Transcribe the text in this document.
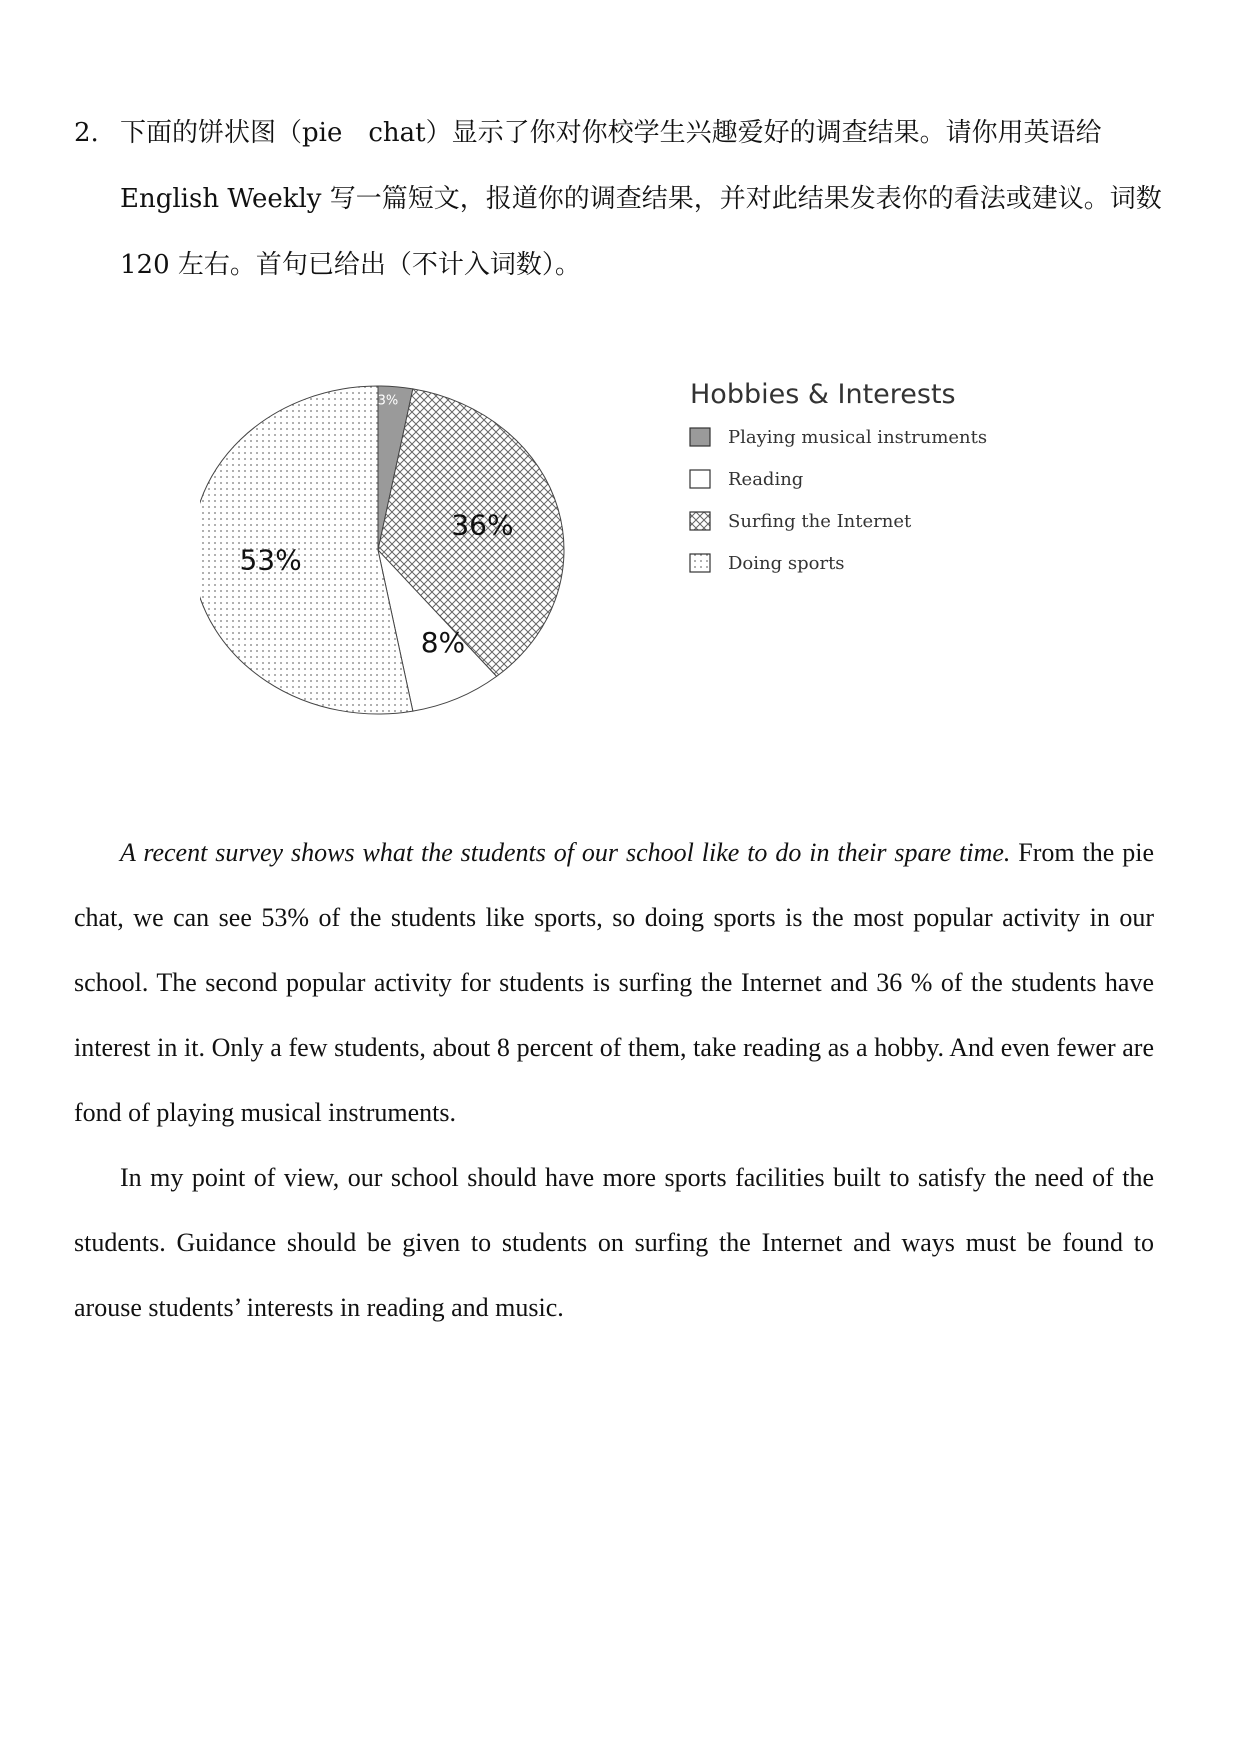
2. 下面的饼状图（pie　chat）显示了你对你校学生兴趣爱好的调查结果。请你用英语给 English Weekly 写一篇短文，报道你的调查结果，并对此结果发表你的看法或建议。词数 120 左右。首句已给出（不计入词数）。
3%
36%
8%
53%
Hobbies & Interests
Playing musical instruments
Reading
Surfing the Internet
Doing sports

A recent survey shows what the students of our school like to do in their spare time. From the pie chat, we can see 53% of the students like sports, so doing sports is the most popular activity in our school. The second popular activity for students is surfing the Internet and 36 % of the students have interest in it. Only a few students, about 8 percent of them, take reading as a hobby. And even fewer are fond of playing musical instruments.

In my point of view, our school should have more sports facilities built to satisfy the need of the students. Guidance should be given to students on surfing the Internet and ways must be found to arouse students’ interests in reading and music.
